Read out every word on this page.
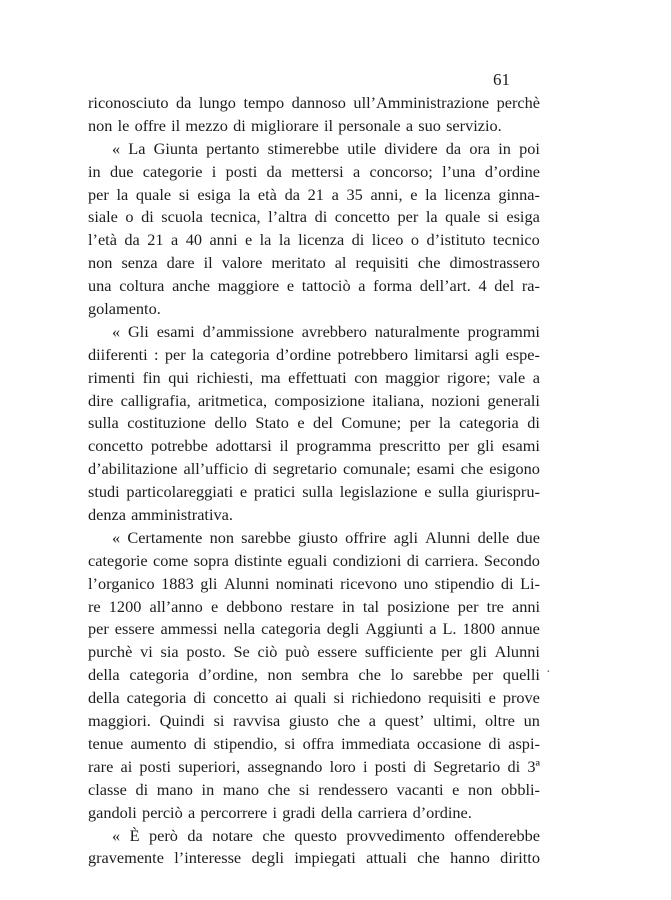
61
riconosciuto da lungo tempo dannoso ull’Amministrazione perchè
non le offre il mezzo di migliorare il personale a suo servizio.
« La Giunta pertanto stimerebbe utile dividere da ora in poi
in due categorie i posti da mettersi a concorso; l’una d’ordine
per la quale si esiga la età da 21 a 35 anni, e la licenza ginna-
siale o di scuola tecnica, l’altra di concetto per la quale si esiga
l’età da 21 a 40 anni e la la licenza di liceo o d’istituto tecnico
non senza dare il valore meritato al requisiti che dimostrassero
una coltura anche maggiore e tattociò a forma dell’art. 4 del ra-
golamento.
« Gli esami d’ammissione avrebbero naturalmente programmi
diiferenti : per la categoria d’ordine potrebbero limitarsi agli espe-
rimenti fin qui richiesti, ma effettuati con maggior rigore; vale a
dire calligrafia, aritmetica, composizione italiana, nozioni generali
sulla costituzione dello Stato e del Comune; per la categoria di
concetto potrebbe adottarsi il programma prescritto per gli esami
d’abilitazione all’ufficio di segretario comunale; esami che esigono
studi particolareggiati e pratici sulla legislazione e sulla giurispru-
denza amministrativa.
« Certamente non sarebbe giusto offrire agli Alunni delle due
categorie come sopra distinte eguali condizioni di carriera. Secondo
l’organico 1883 gli Alunni nominati ricevono uno stipendio di Li-
re 1200 all’anno e debbono restare in tal posizione per tre anni
per essere ammessi nella categoria degli Aggiunti a L. 1800 annue
purchè vi sia posto. Se ciò può essere sufficiente per gli Alunni
della categoria d’ordine, non sembra che lo sarebbe per quelli
della categoria di concetto ai quali si richiedono requisiti e prove
maggiori. Quindi si ravvisa giusto che a quest’ ultimi, oltre un
tenue aumento di stipendio, si offra immediata occasione di aspi-
rare ai posti superiori, assegnando loro i posti di Segretario di 3ª
classe di mano in mano che si rendessero vacanti e non obbli-
gandoli perciò a percorrere i gradi della carriera d’ordine.
« È però da notare che questo provvedimento offenderebbe
gravemente l’interesse degli impiegati attuali che hanno diritto
·
